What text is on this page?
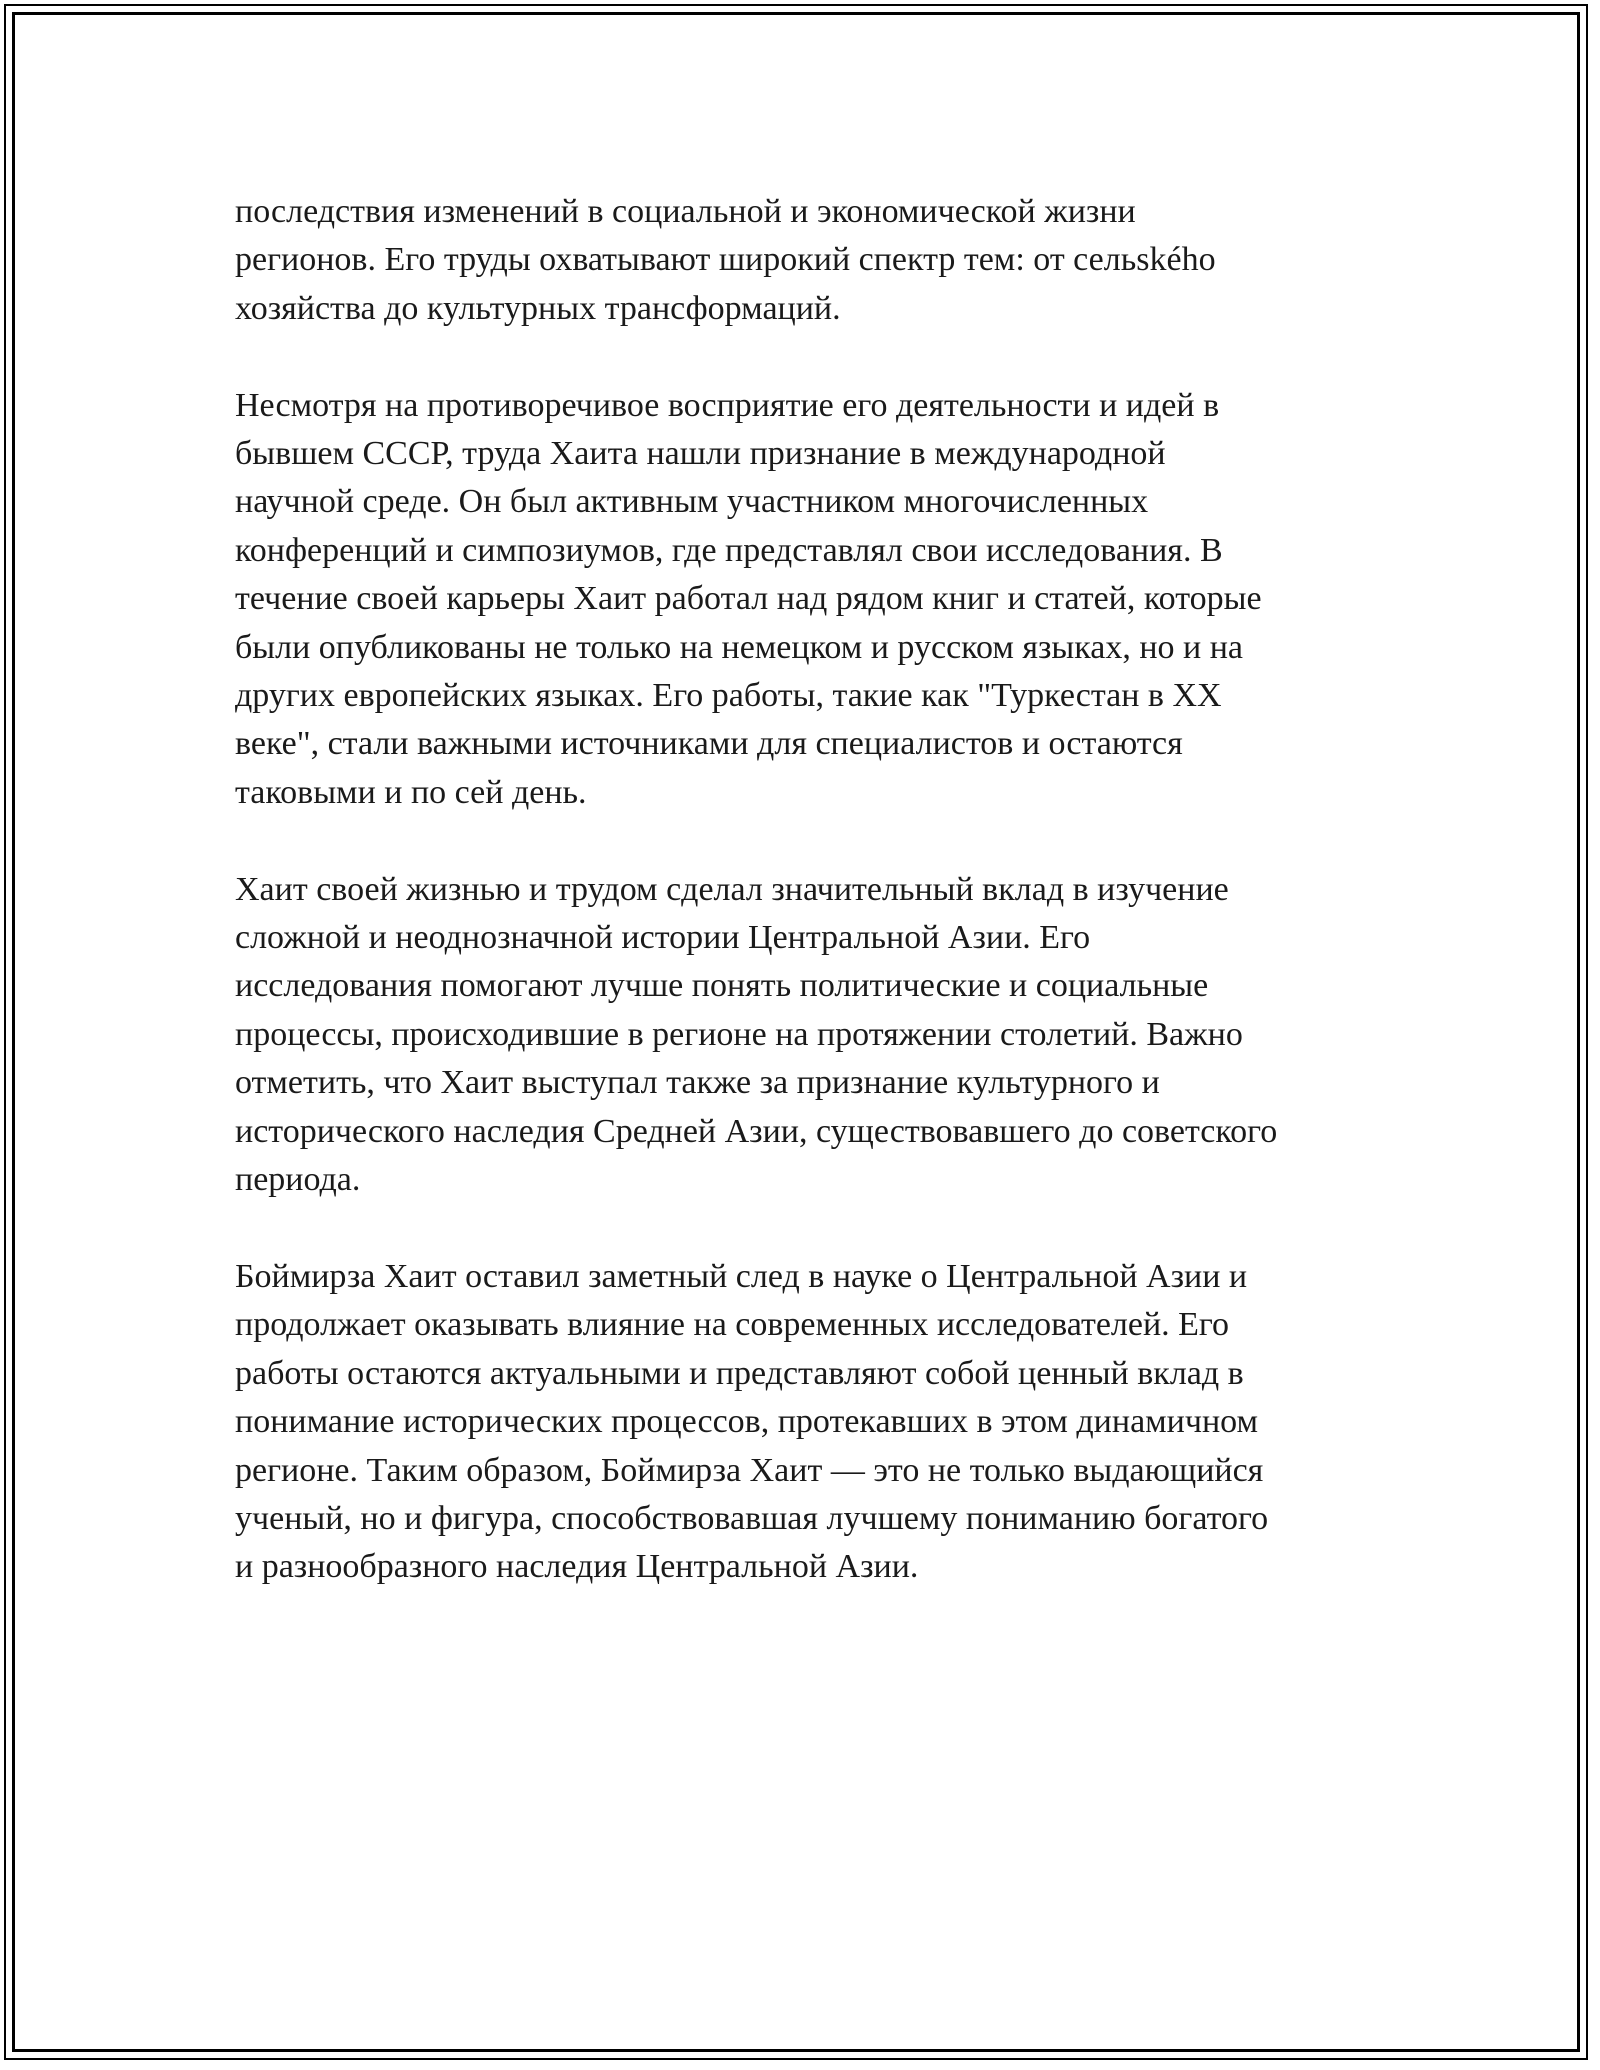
последствия изменений в социальной и экономической жизни
регионов. Его труды охватывают широкий спектр тем: от сельského
хозяйства до культурных трансформаций.

Несмотря на противоречивое восприятие его деятельности и идей в
бывшем СССР, труда Хаита нашли признание в международной
научной среде. Он был активным участником многочисленных
конференций и симпозиумов, где представлял свои исследования. В
течение своей карьеры Хаит работал над рядом книг и статей, которые
были опубликованы не только на немецком и русском языках, но и на
других европейских языках. Его работы, такие как "Туркестан в XX
веке", стали важными источниками для специалистов и остаются
таковыми и по сей день.

Хаит своей жизнью и трудом сделал значительный вклад в изучение
сложной и неоднозначной истории Центральной Азии. Его
исследования помогают лучше понять политические и социальные
процессы, происходившие в регионе на протяжении столетий. Важно
отметить, что Хаит выступал также за признание культурного и
исторического наследия Средней Азии, существовавшего до советского
периода.

Боймирза Хаит оставил заметный след в науке о Центральной Азии и
продолжает оказывать влияние на современных исследователей. Его
работы остаются актуальными и представляют собой ценный вклад в
понимание исторических процессов, протекавших в этом динамичном
регионе. Таким образом, Боймирза Хаит — это не только выдающийся
ученый, но и фигура, способствовавшая лучшему пониманию богатого
и разнообразного наследия Центральной Азии.
